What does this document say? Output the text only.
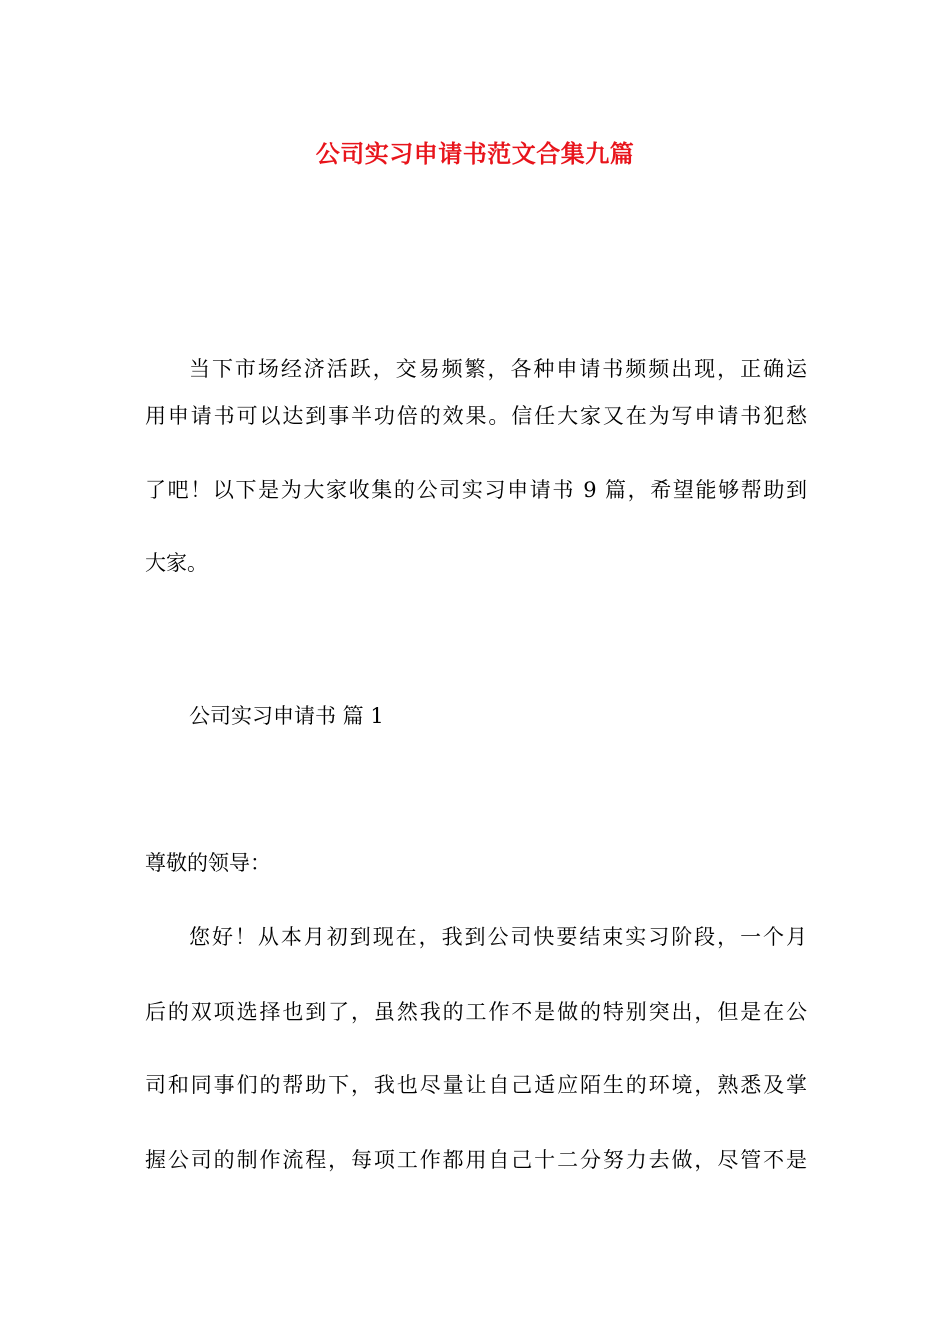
公司实习申请书范文合集九篇
当下市场经济活跃，交易频繁，各种申请书频频出现，正确运
用申请书可以达到事半功倍的效果。信任大家又在为写申请书犯愁
了吧！以下是为大家收集的公司实习申请书 9 篇，希望能够帮助到
大家。
公司实习申请书 篇 1
尊敬的领导：
您好！从本月初到现在，我到公司快要结束实习阶段，一个月
后的双项选择也到了，虽然我的工作不是做的特别突出，但是在公
司和同事们的帮助下，我也尽量让自己适应陌生的环境，熟悉及掌
握公司的制作流程，每项工作都用自己十二分努力去做，尽管不是
